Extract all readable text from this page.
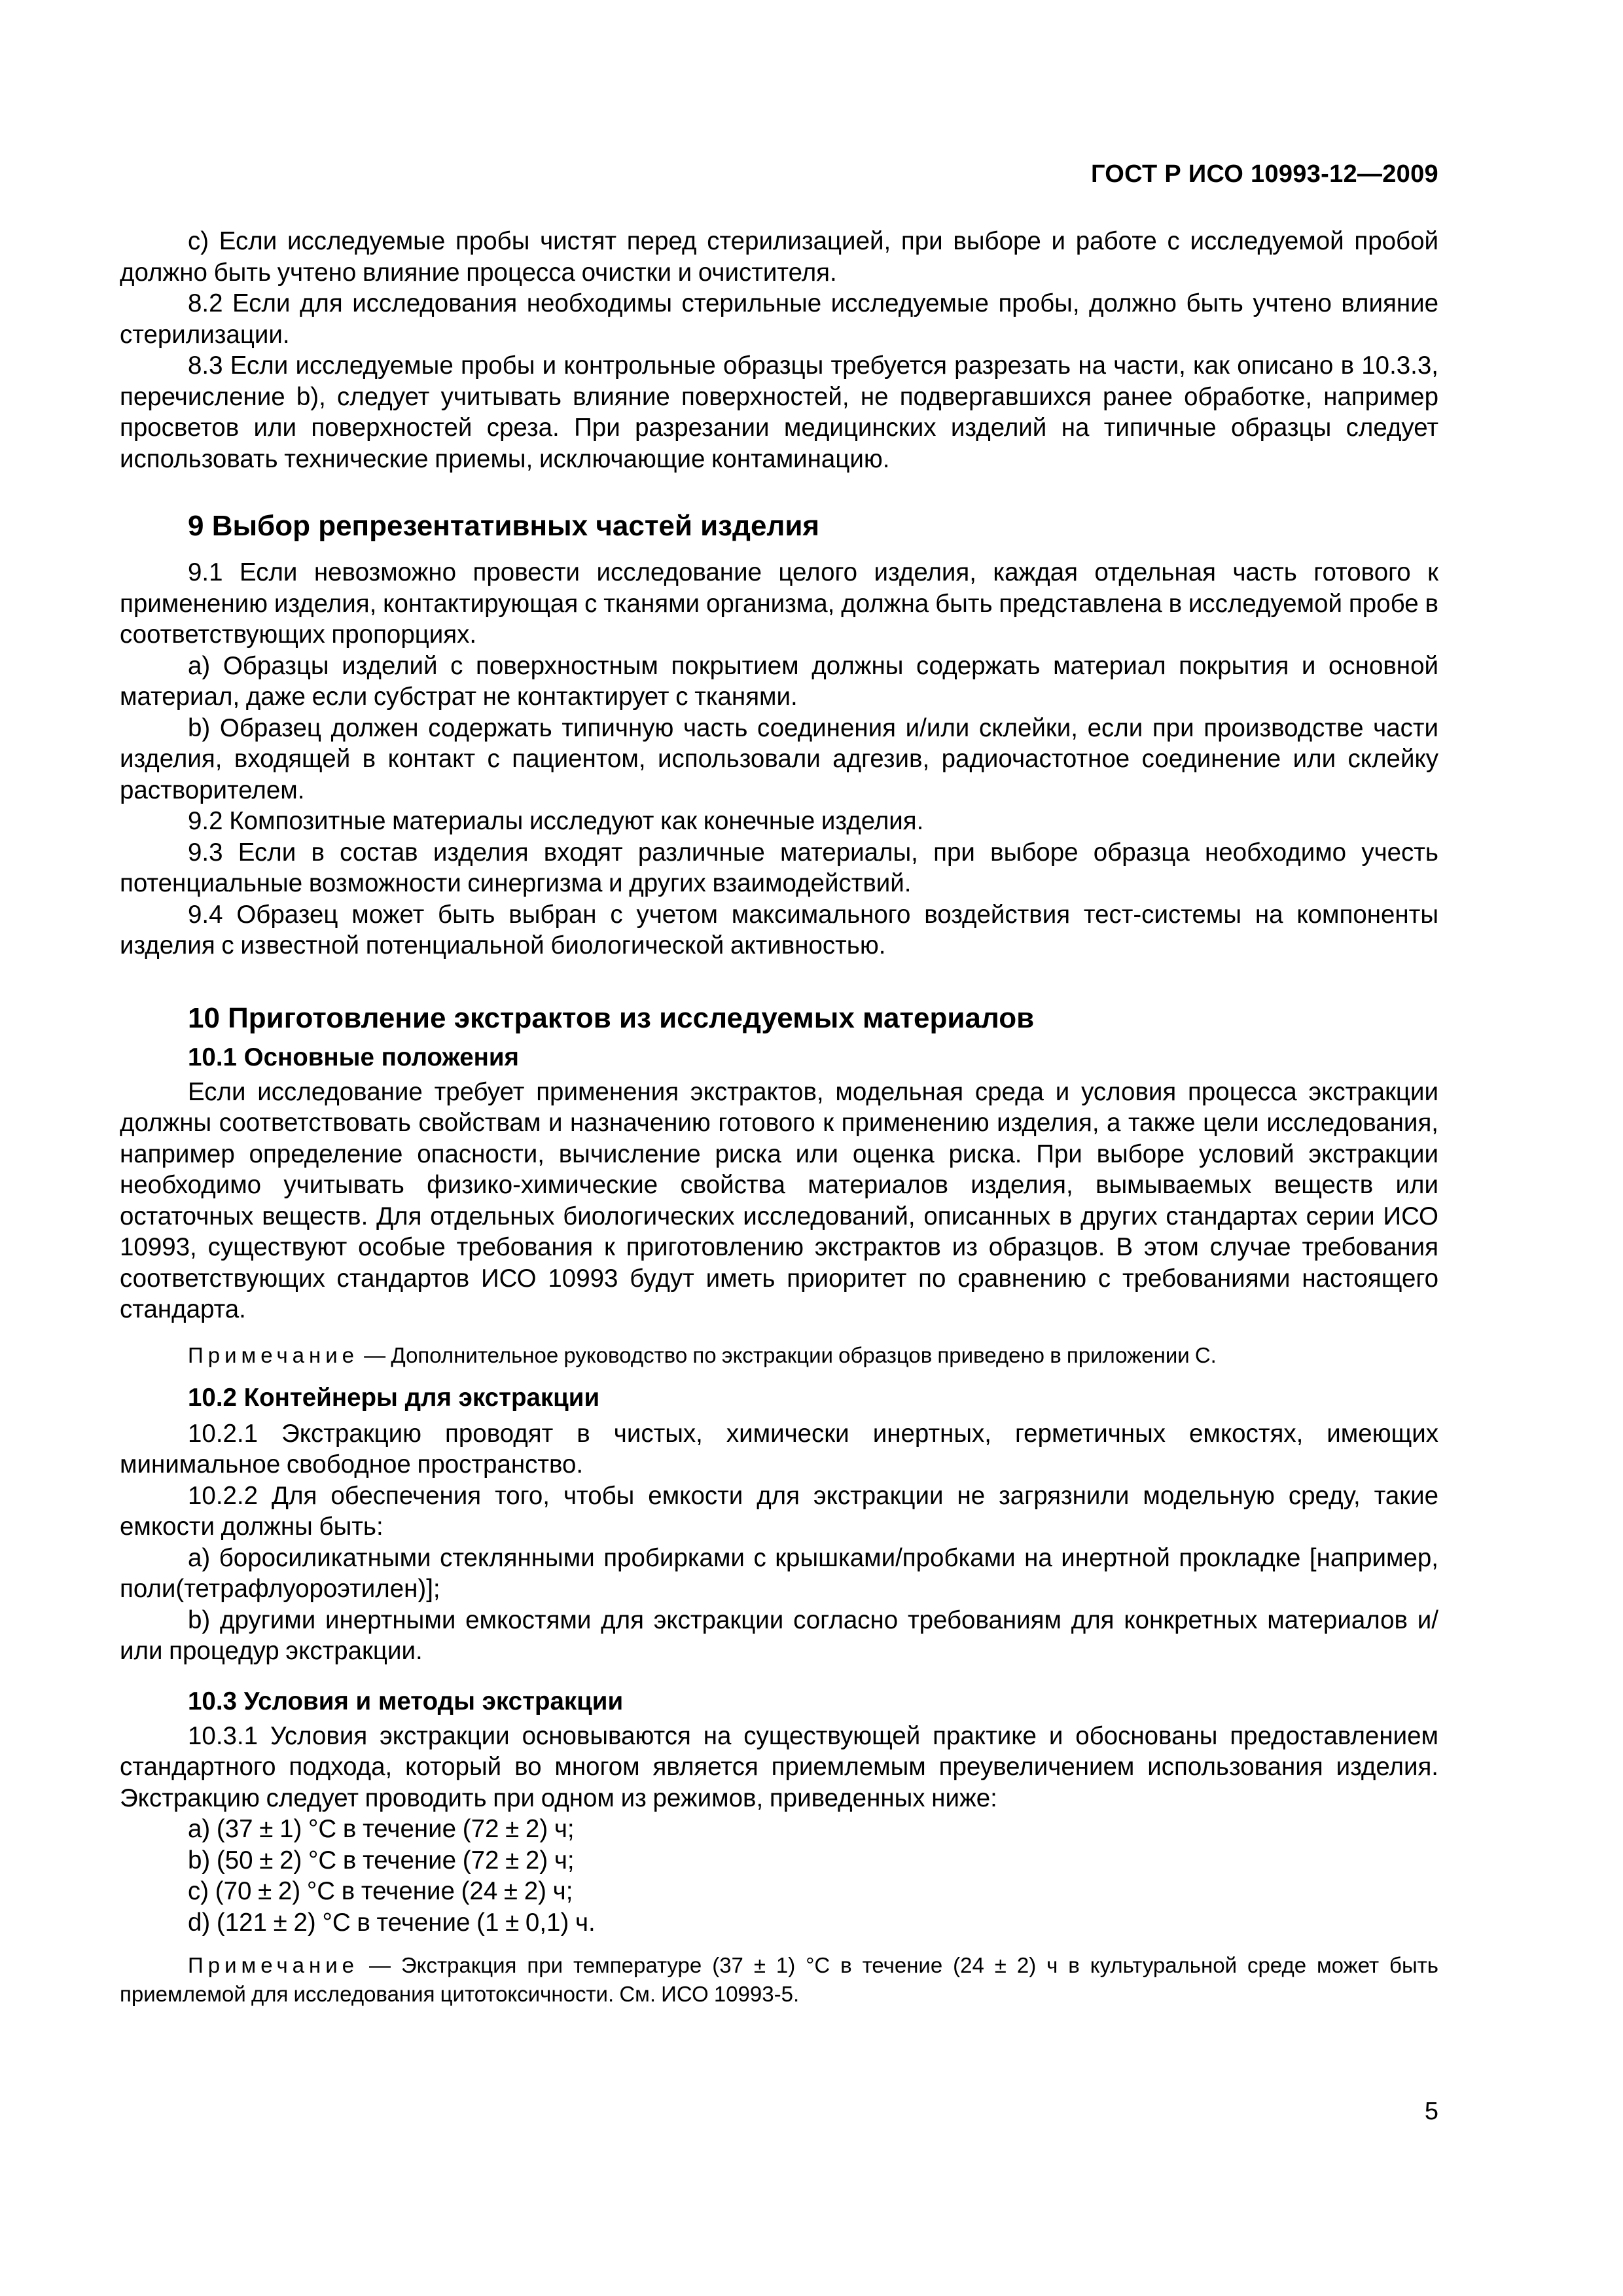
ГОСТ Р ИСО 10993-12—2009

c) Если исследуемые пробы чистят перед стерилизацией, при выборе и работе с исследуемой пробой должно быть учтено влияние процесса очистки и очистителя.

8.2 Если для исследования необходимы стерильные исследуемые пробы, должно быть учтено влияние стерилизации.

8.3 Если исследуемые пробы и контрольные образцы требуется разрезать на части, как описано в 10.3.3, перечисление b), следует учитывать влияние поверхностей, не подвергавшихся ранее обработке, например просветов или поверхностей среза. При разрезании медицинских изделий на типичные образцы следует использовать технические приемы, исключающие контаминацию.

9 Выбор репрезентативных частей изделия

9.1 Если невозможно провести исследование целого изделия, каждая отдельная часть готового к применению изделия, контактирующая с тканями организма, должна быть представлена в исследуемой пробе в соответствующих пропорциях.

a) Образцы изделий с поверхностным покрытием должны содержать материал покрытия и основной материал, даже если субстрат не контактирует с тканями.

b) Образец должен содержать типичную часть соединения и/или склейки, если при производстве части изделия, входящей в контакт с пациентом, использовали адгезив, радиочастотное соединение или склейку растворителем.

9.2 Композитные материалы исследуют как конечные изделия.

9.3 Если в состав изделия входят различные материалы, при выборе образца необходимо учесть потенциальные возможности синергизма и других взаимодействий.

9.4 Образец может быть выбран с учетом максимального воздействия тест-системы на компоненты изделия с известной потенциальной биологической активностью.

10 Приготовление экстрактов из исследуемых материалов
10.1 Основные положения

Если исследование требует применения экстрактов, модельная среда и условия процесса экстракции должны соответствовать свойствам и назначению готового к применению изделия, а также цели исследования, например определение опасности, вычисление риска или оценка риска. При выборе условий экстракции необходимо учитывать физико-химические свойства материалов изделия, вымываемых веществ или остаточных веществ. Для отдельных биологических исследований, описанных в других стандартах серии ИСО 10993, существуют особые требования к приготовлению экстрактов из образцов. В этом случае требования соответствующих стандартов ИСО 10993 будут иметь приоритет по сравнению с требованиями настоящего стандарта.

Примечание — Дополнительное руководство по экстракции образцов приведено в приложении С.
10.2 Контейнеры для экстракции

10.2.1 Экстракцию проводят в чистых, химически инертных, герметичных емкостях, имеющих минимальное свободное пространство.

10.2.2 Для обеспечения того, чтобы емкости для экстракции не загрязнили модельную среду, такие емкости должны быть:

a) боросиликатными стеклянными пробирками с крышками/пробками на инертной прокладке [например, поли(тетрафлуороэтилен)];

b) другими инертными емкостями для экстракции согласно требованиям для конкретных материалов и/или процедур экстракции.

10.3 Условия и методы экстракции

10.3.1 Условия экстракции основываются на существующей практике и обоснованы предоставлением стандартного подхода, который во многом является приемлемым преувеличением использования изделия. Экстракцию следует проводить при одном из режимов, приведенных ниже:

a) (37 ± 1) °С в течение (72 ± 2) ч;

b) (50 ± 2) °С в течение (72 ± 2) ч;

c) (70 ± 2) °С в течение (24 ± 2) ч;

d) (121 ± 2) °С в течение (1 ± 0,1) ч.

Примечание — Экстракция при температуре (37 ± 1) °С в течение (24 ± 2) ч в культуральной среде может быть приемлемой для исследования цитотоксичности. См. ИСО 10993-5.
5
